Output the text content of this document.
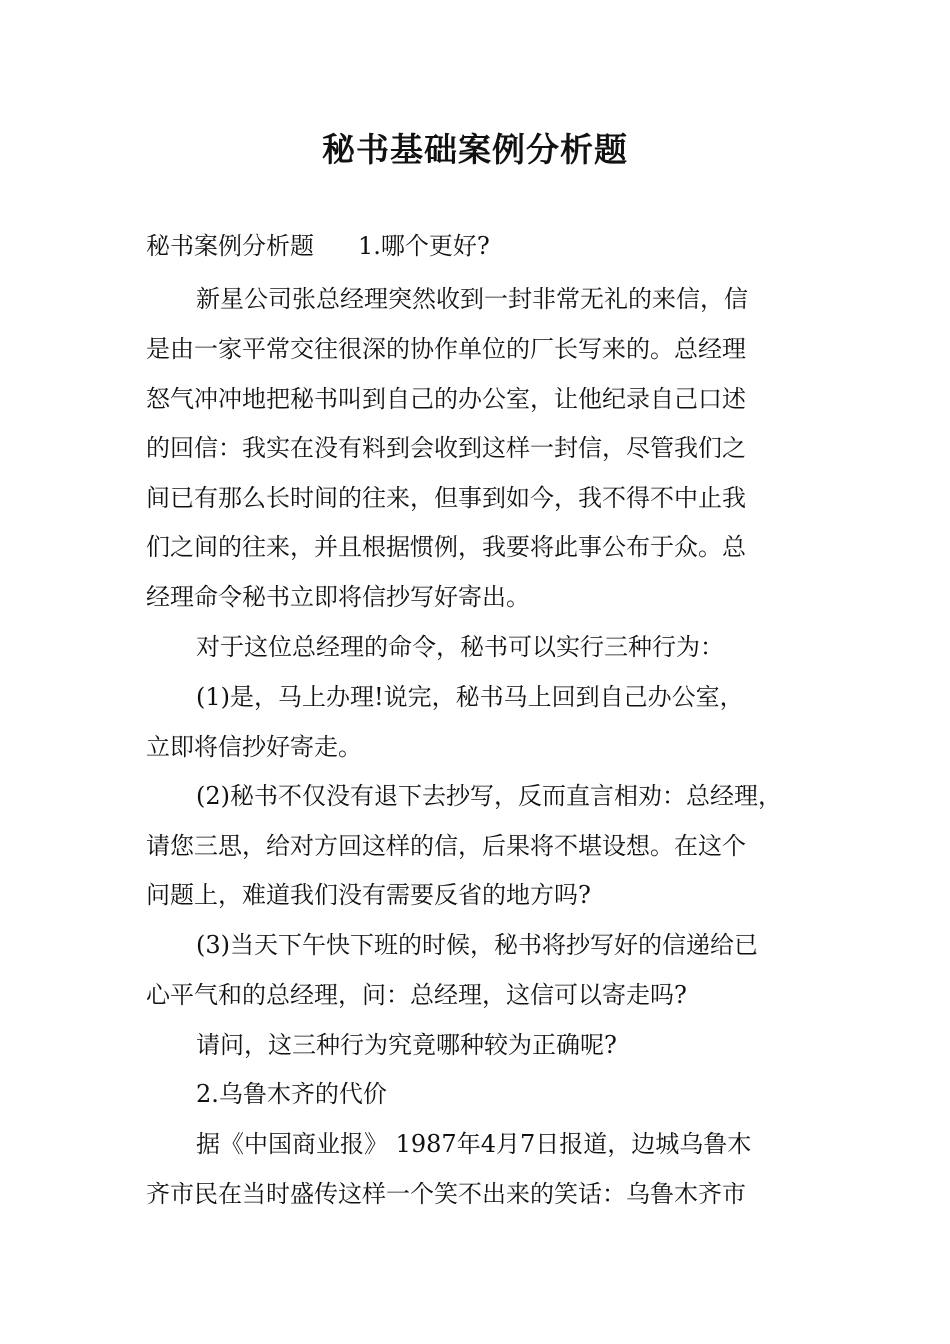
秘书基础案例分析题
秘书案例分析题 1.哪个更好?
新星公司张总经理突然收到一封非常无礼的来信，信
是由一家平常交往很深的协作单位的厂长写来的。总经理
怒气冲冲地把秘书叫到自己的办公室，让他纪录自己口述
的回信：我实在没有料到会收到这样一封信，尽管我们之
间已有那么长时间的往来，但事到如今，我不得不中止我
们之间的往来，并且根据惯例，我要将此事公布于众。总
经理命令秘书立即将信抄写好寄出。
对于这位总经理的命令，秘书可以实行三种行为：
(1)是，马上办理!说完，秘书马上回到自己办公室，
立即将信抄好寄走。
(2)秘书不仅没有退下去抄写，反而直言相劝：总经理，
请您三思，给对方回这样的信，后果将不堪设想。在这个
问题上，难道我们没有需要反省的地方吗?
(3)当天下午快下班的时候，秘书将抄写好的信递给已
心平气和的总经理，问：总经理，这信可以寄走吗?
请问，这三种行为究竟哪种较为正确呢?
2.乌鲁木齐的代价
据《中国商业报》 1987年4月7日报道，边城乌鲁木
齐市民在当时盛传这样一个笑不出来的笑话：乌鲁木齐市
